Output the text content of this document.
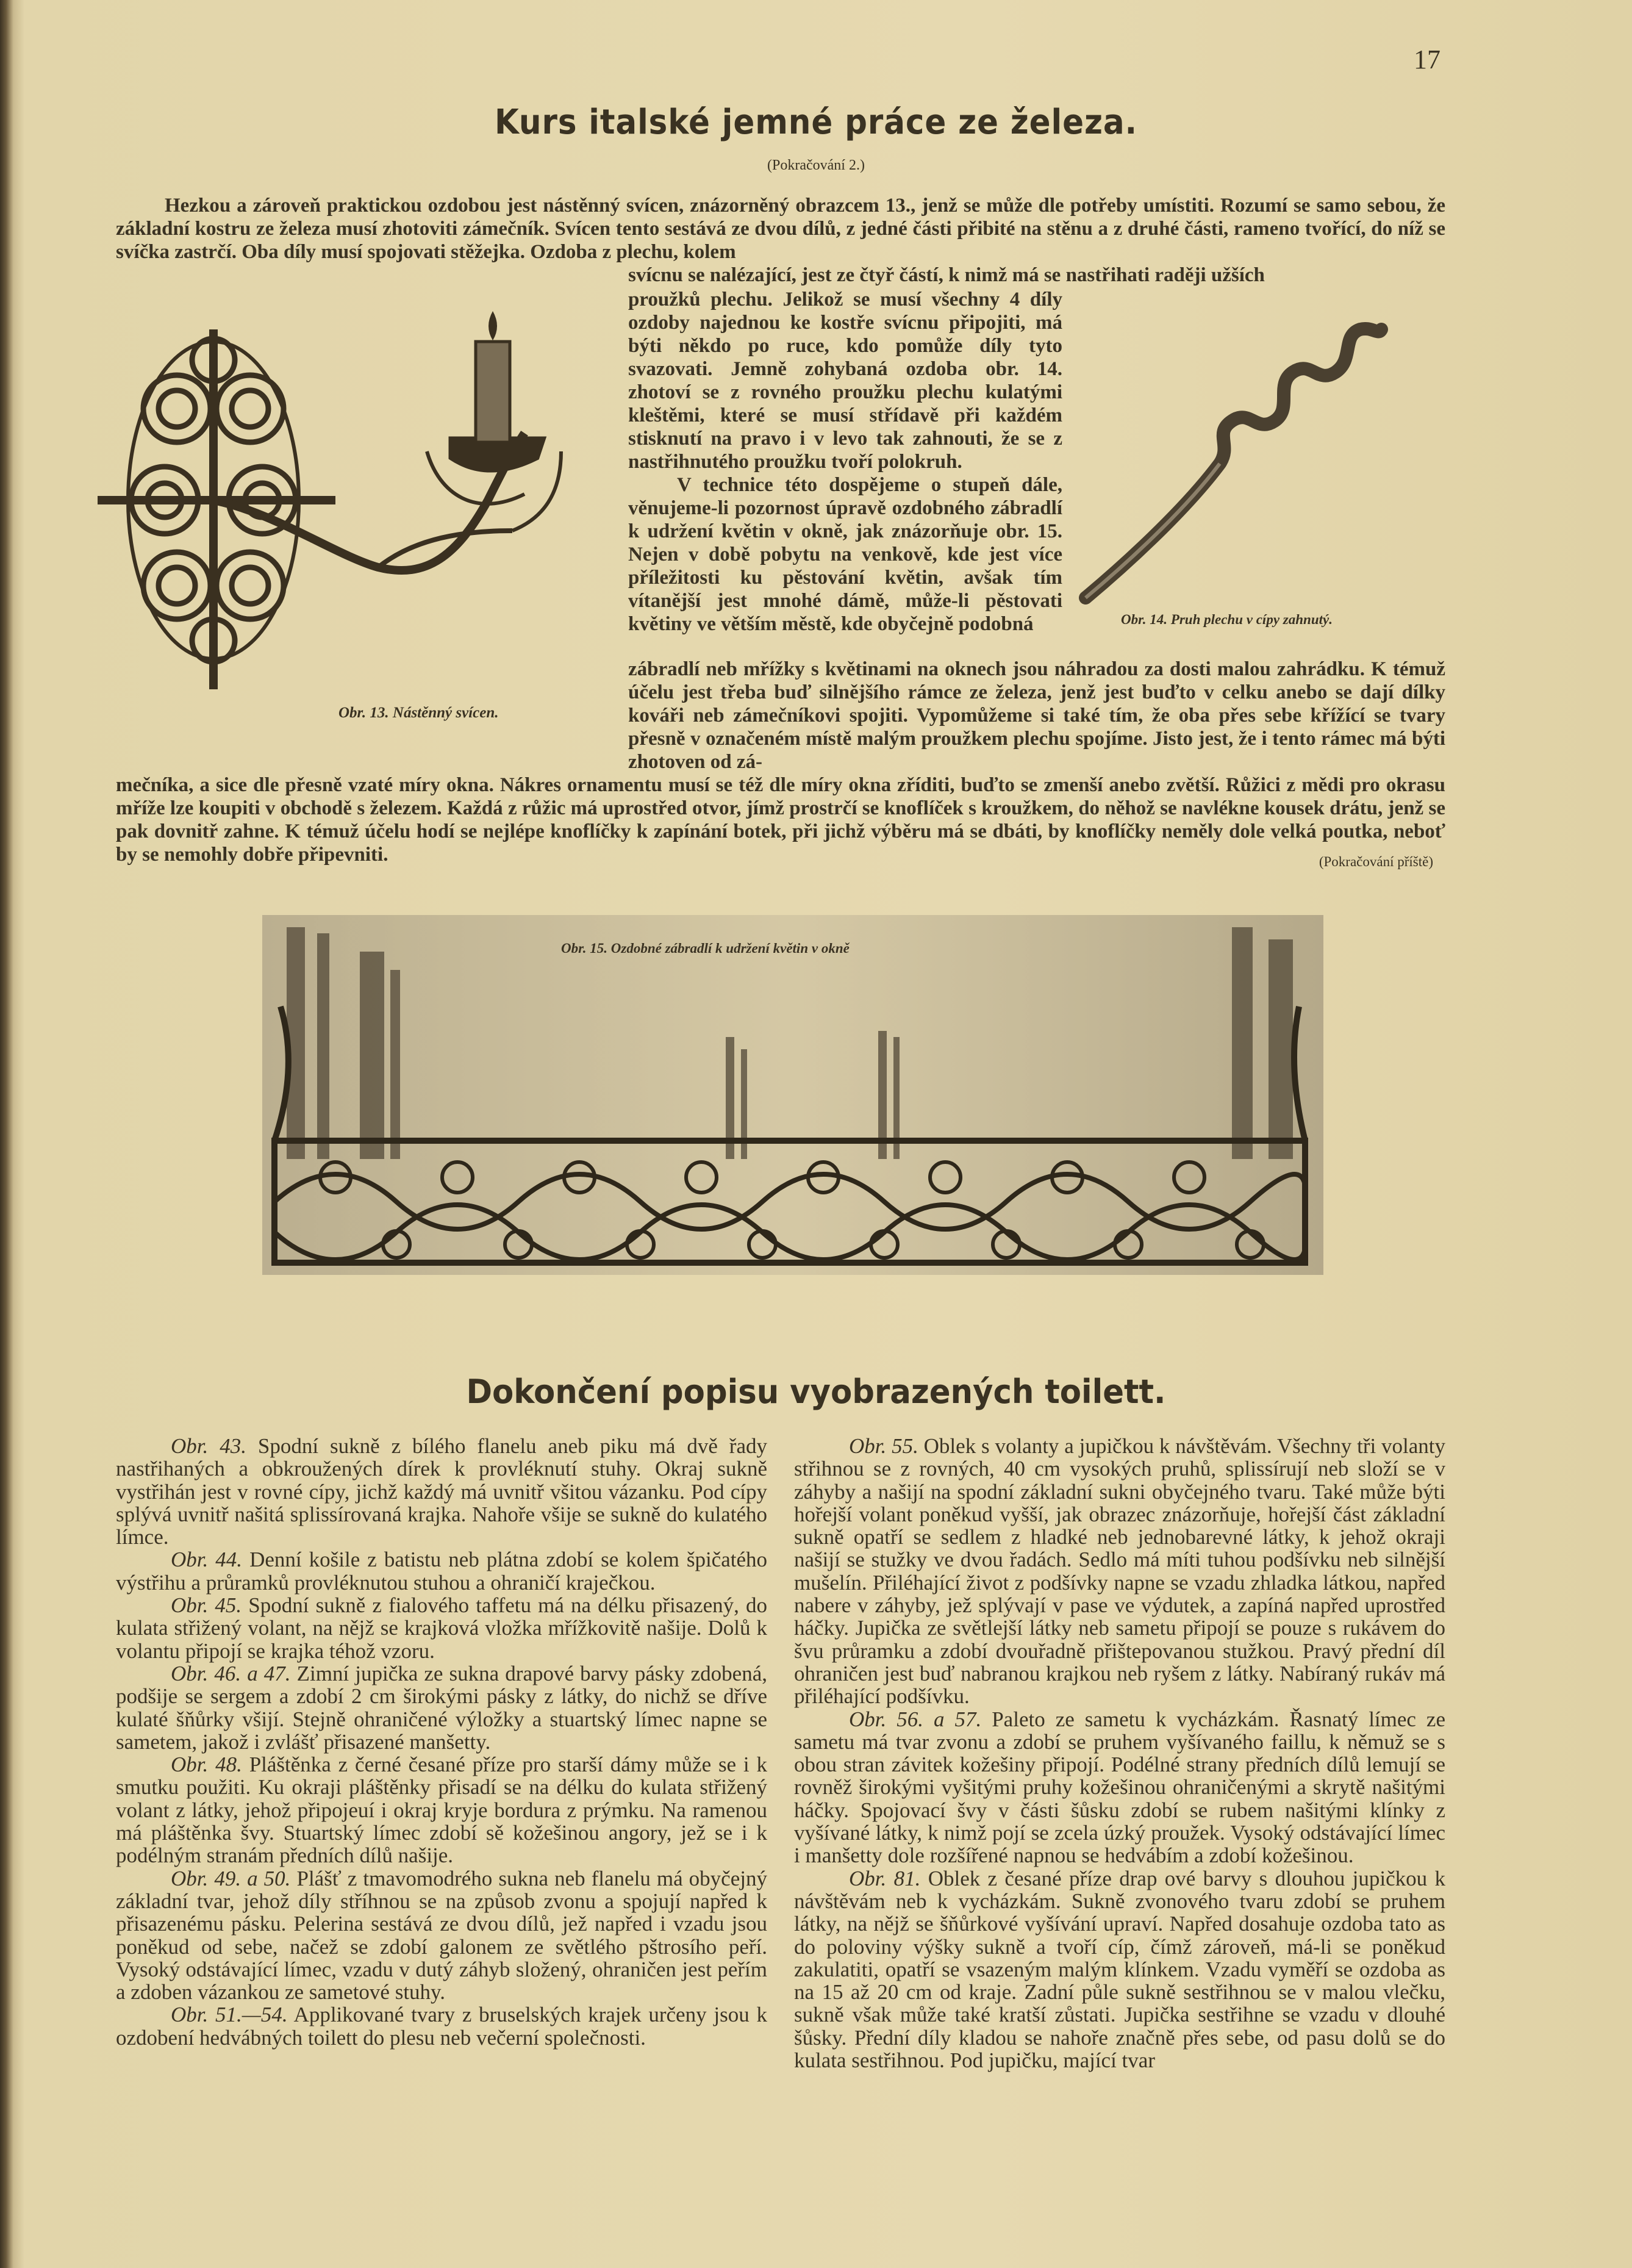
17
Kurs italské jemné práce ze železa.
(Pokračování 2.)

Hezkou a zároveň praktickou ozdobou jest nástěnný svícen, znázorněný obrazcem 13., jenž se může dle potřeby umístiti. Rozumí se samo sebou, že základní kostru ze železa musí zhotoviti zámečník. Svícen tento sestává ze dvou dílů, z jedné části přibité na stěnu a z druhé části, rameno tvořící, do níž se svíčka zastrčí. Oba díly musí spojovati stěžejka. Ozdoba z plechu, kolem

svícnu se nalézající, jest ze čtyř částí, k nimž má se nastřihati raději užších

proužků plechu. Jelikož se musí všechny 4 díly ozdoby najednou ke kostře svícnu připojiti, má býti někdo po ruce, kdo pomůže díly tyto svazovati. Jemně zohybaná ozdoba obr. 14. zhotoví se z rovného proužku plechu kulatými kleštěmi, které se musí střídavě při každém stisknutí na pravo i v levo tak zahnouti, že se z nastřihnutého proužku tvoří polokruh.

V technice této dospějeme o stupeň dále, věnujeme-li pozornost úpravě ozdobného zábradlí k udržení květin v okně, jak znázorňuje obr. 15. Nejen v době pobytu na venkově, kde jest více příležitosti ku pěstování květin, avšak tím vítanější jest mnohé dámě, může-li pěstovati květiny ve větším městě, kde obyčejně podobná

zábradlí neb mřížky s květinami na oknech jsou náhradou za dosti malou zahrádku. K témuž účelu jest třeba buď silnějšího rámce ze železa, jenž jest buďto v celku anebo se dají dílky kováři neb zámečníkovi spojiti. Vypomůžeme si také tím, že oba přes sebe křížící se tvary přesně v označeném místě malým proužkem plechu spojíme. Jisto jest, že i tento rámec má býti zhotoven od zá-

mečníka, a sice dle přesně vzaté míry okna. Nákres ornamentu musí se též dle míry okna zříditi, buďto se zmenší anebo zvětší. Růžici z mědi pro okrasu mříže lze koupiti v obchodě s železem. Každá z růžic má uprostřed otvor, jímž prostrčí se knoflíček s kroužkem, do něhož se navlékne kousek drátu, jenž se pak dovnitř zahne. K témuž účelu hodí se nejlépe knoflíčky k zapínání botek, při jichž výběru má se dbáti, by knoflíčky neměly dole velká poutka, neboť by se nemohly dobře připevniti.	(Pokračování příště)
Obr. 13. Nástěnný svícen.
Obr. 14. Pruh plechu v cípy zahnutý.
Obr. 15. Ozdobné zábradlí k udržení květin v okně
Dokončení popisu vyobrazených toilett.

Obr. 43. Spodní sukně z bílého flanelu aneb piku má dvě řady nastřihaných a obkroužených dírek k provléknutí stuhy. Okraj sukně vystřihán jest v rovné cípy, jichž každý má uvnitř všitou vázanku. Pod cípy splývá uvnitř našitá splissírovaná krajka. Nahoře všije se sukně do kulatého límce.

Obr. 44. Denní košile z batistu neb plátna zdobí se kolem špičatého výstřihu a průramků provléknutou stuhou a ohraničí kraječkou.

Obr. 45. Spodní sukně z fialového taffetu má na délku přisazený, do kulata střižený volant, na nějž se krajková vložka mřížkovitě našije. Dolů k volantu připojí se krajka téhož vzoru.

Obr. 46. a 47. Zimní jupička ze sukna drapové barvy pásky zdobená, podšije se sergem a zdobí 2 cm širokými pásky z látky, do nichž se dříve kulaté šňůrky všijí. Stejně ohraničené výložky a stuartský límec napne se sametem, jakož i zvlášť přisazené manšetty.

Obr. 48. Pláštěnka z černé česané příze pro starší dámy může se i k smutku použiti. Ku okraji pláštěnky přisadí se na délku do kulata střižený volant z látky, jehož připojeuí i okraj kryje bordura z prýmku. Na ramenou má pláštěnka švy. Stuartský límec zdobí sě kožešinou angory, jež se i k podélným stranám předních dílů našije.

Obr. 49. a 50. Plášť z tmavomodrého sukna neb flanelu má obyčejný základní tvar, jehož díly stříhnou se na způsob zvonu a spojují napřed k přisazenému pásku. Pelerina sestává ze dvou dílů, jež napřed i vzadu jsou poněkud od sebe, načež se zdobí galonem ze světlého pštrosího peří. Vysoký odstávající límec, vzadu v dutý záhyb složený, ohraničen jest peřím a zdoben vázankou ze sametové stuhy.

Obr. 51.—54. Applikované tvary z bruselských krajek určeny jsou k ozdobení hedvábných toilett do plesu neb večerní společnosti.

Obr. 55. Oblek s volanty a jupičkou k návštěvám. Všechny tři volanty střihnou se z rovných, 40 cm vysokých pruhů, splissírují neb složí se v záhyby a našijí na spodní základní sukni obyčejného tvaru. Také může býti hořejší volant poněkud vyšší, jak obrazec znázorňuje, hořejší část základní sukně opatří se sedlem z hladké neb jednobarevné látky, k jehož okraji našijí se stužky ve dvou řadách. Sedlo má míti tuhou podšívku neb silnější mušelín. Přiléhající život z podšívky napne se vzadu zhladka látkou, napřed nabere v záhyby, jež splývají v pase ve výdutek, a zapíná napřed uprostřed háčky. Jupička ze světlejší látky neb sametu připojí se pouze s rukávem do švu průramku a zdobí dvouřadně přištepovanou stužkou. Pravý přední díl ohraničen jest buď nabranou krajkou neb ryšem z látky. Nabíraný rukáv má přiléhající podšívku.

Obr. 56. a 57. Paleto ze sametu k vycházkám. Řasnatý límec ze sametu má tvar zvonu a zdobí se pruhem vyšívaného faillu, k němuž se s obou stran závitek kožešiny připojí. Podélné strany předních dílů lemují se rovněž širokými vyšitými pruhy kožešinou ohraničenými a skrytě našitými háčky. Spojovací švy v části šůsku zdobí se rubem našitými klínky z vyšívané látky, k nimž pojí se zcela úzký proužek. Vysoký odstávající límec i manšetty dole rozšířené napnou se hedvábím a zdobí kožešinou.

Obr. 81. Oblek z česané příze drap ové barvy s dlouhou jupičkou k návštěvám neb k vycházkám. Sukně zvonového tvaru zdobí se pruhem látky, na nějž se šňůrkové vyšívání upraví. Napřed dosahuje ozdoba tato as do poloviny výšky sukně a tvoří cíp, čímž zároveň, má-li se poněkud zakulatiti, opatří se vsazeným malým klínkem. Vzadu vyměří se ozdoba as na 15 až 20 cm od kraje. Zadní půle sukně sestřihnou se v malou vlečku, sukně však může také kratší zůstati. Jupička sestřihne se vzadu v dlouhé šůsky. Přední díly kladou se nahoře značně přes sebe, od pasu dolů se do kulata sestřihnou. Pod jupičku, mající tvar
